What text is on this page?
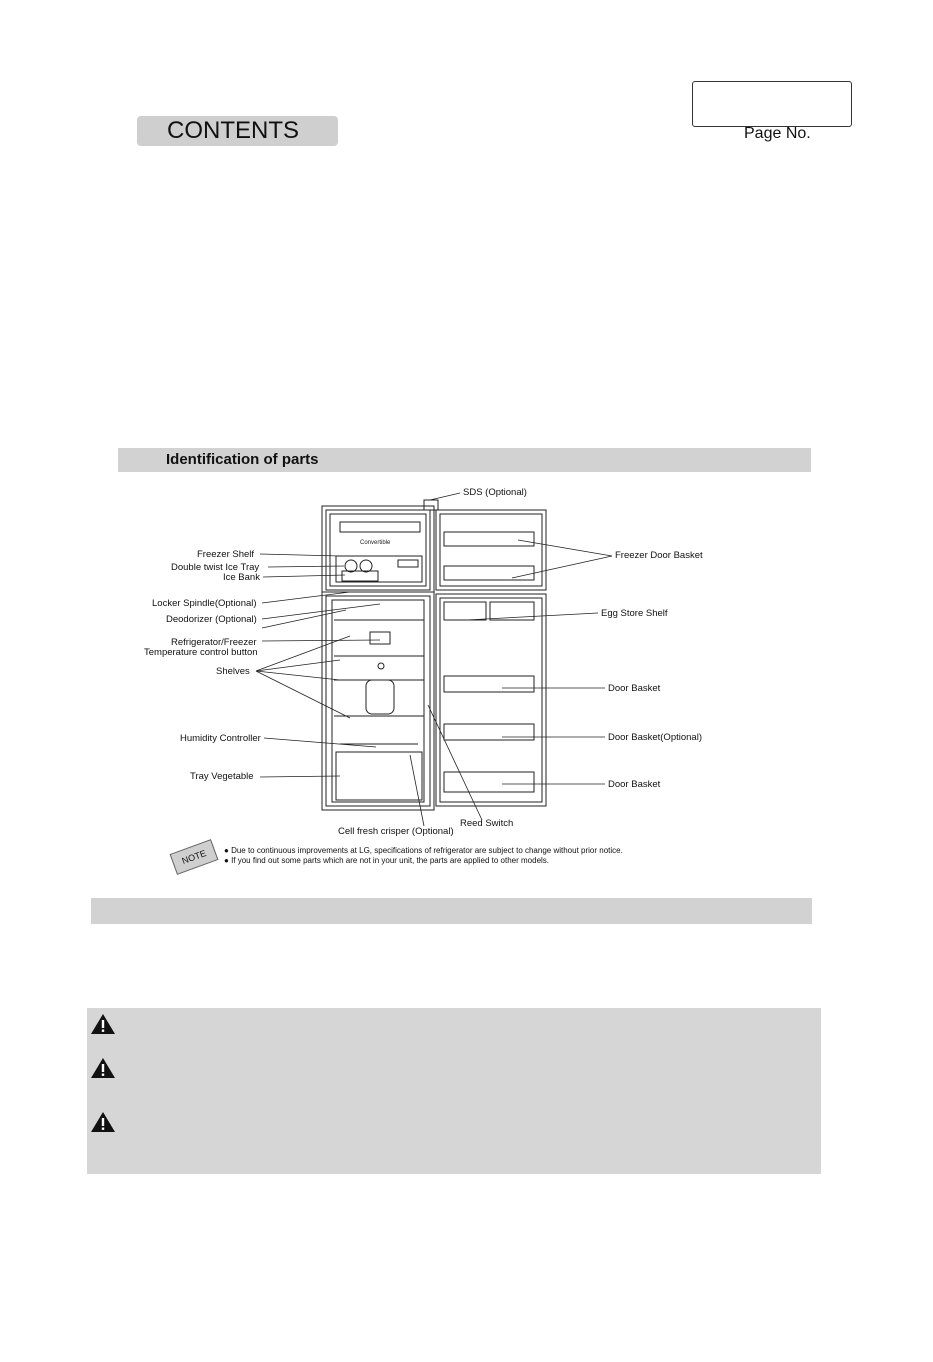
CONTENTS	Page No.
Identification of parts
Convertible
Freezer Shelf
Double twist Ice Tray
Ice Bank
Locker Spindle(Optional)
Deodorizer (Optional)
Refrigerator/Freezer
Temperature control button
Shelves
Humidity Controller
Tray Vegetable
Cell fresh crisper (Optional)
Reed Switch
SDS (Optional)
Freezer Door Basket
Egg Store Shelf
Door Basket
Door Basket(Optional)
Door Basket
NOTE	● Due to continuous improvements at LG, specifications of refrigerator are subject to change without prior notice.
● If you find out some parts which are not in your unit, the parts are applied to other models.
